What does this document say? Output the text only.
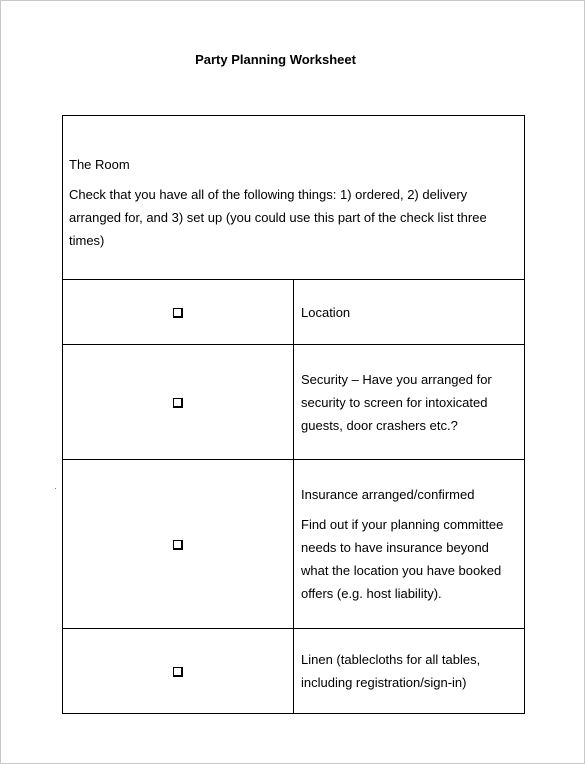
Party Planning Worksheet
The Room
Check that you have all of the following things: 1) ordered, 2) delivery arranged for, and 3) set up (you could use this part of the check list three times)	

	Location

	Security – Have you arranged for security to screen for intoxicated guests, door crashers etc.?

	Insurance arranged/confirmed
Find out if your planning committee needs to have insurance beyond what the location you have booked offers (e.g. host liability).

	Linen (tablecloths for all tables, including registration/sign-in)
